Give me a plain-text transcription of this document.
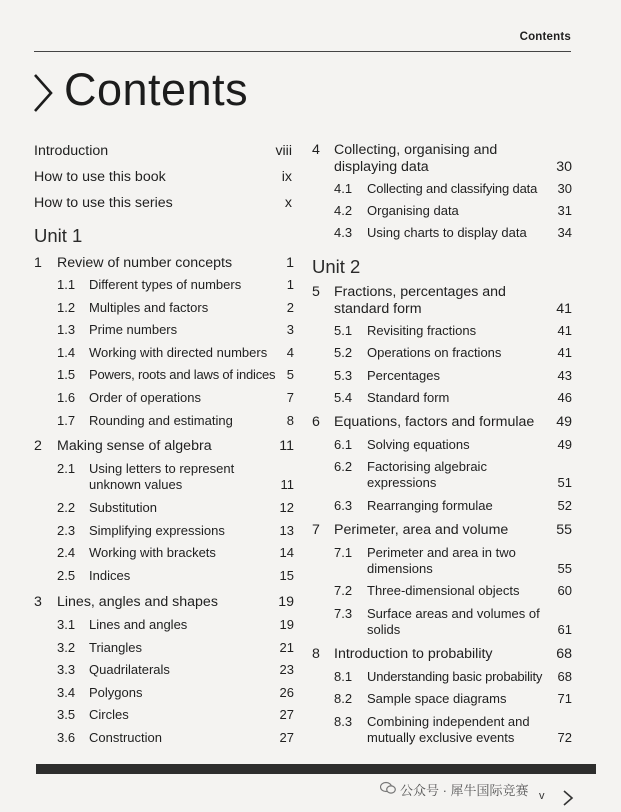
Contents
Contents
Introduction	viii
How to use this book	ix
How to use this series	x
Unit 1
1 Review of number concepts	1
1.1 Different types of numbers	1
1.2 Multiples and factors	2
1.3 Prime numbers	3
1.4 Working with directed numbers 4
1.5 Powers, roots and laws of indices 5
1.6 Order of operations	7
1.7 Rounding and estimating	8
2 Making sense of algebra	11
2.1 Using letters to represent
unknown values	11
2.2 Substitution	12
2.3 Simplifying expressions	13
2.4 Working with brackets	14
2.5 Indices	15
3 Lines, angles and shapes	19
3.1 Lines and angles	19
3.2 Triangles	21
3.3 Quadrilaterals	23
3.4 Polygons	26
3.5 Circles	27
3.6 Construction	27
4 Collecting, organising and
displaying data	30
4.1 Collecting and classifying data 30
4.2 Organising data	31
4.3 Using charts to display data 34
Unit 2
5 Fractions, percentages and
standard form	41
5.1 Revisiting fractions	41
5.2 Operations on fractions	41
5.3 Percentages	43
5.4 Standard form	46
6 Equations, factors and formulae 49
6.1 Solving equations	49
6.2 Factorising algebraic
expressions	51
6.3 Rearranging formulae	52
7 Perimeter, area and volume	55
7.1 Perimeter and area in two
dimensions	55
7.2 Three-dimensional objects	60
7.3 Surface areas and volumes of
solids	61
8 Introduction to probability	68
8.1 Understanding basic probability 68
8.2 Sample space diagrams	71
8.3 Combining independent and
mutually exclusive events	72
公众号 · 犀牛国际竞赛 v
